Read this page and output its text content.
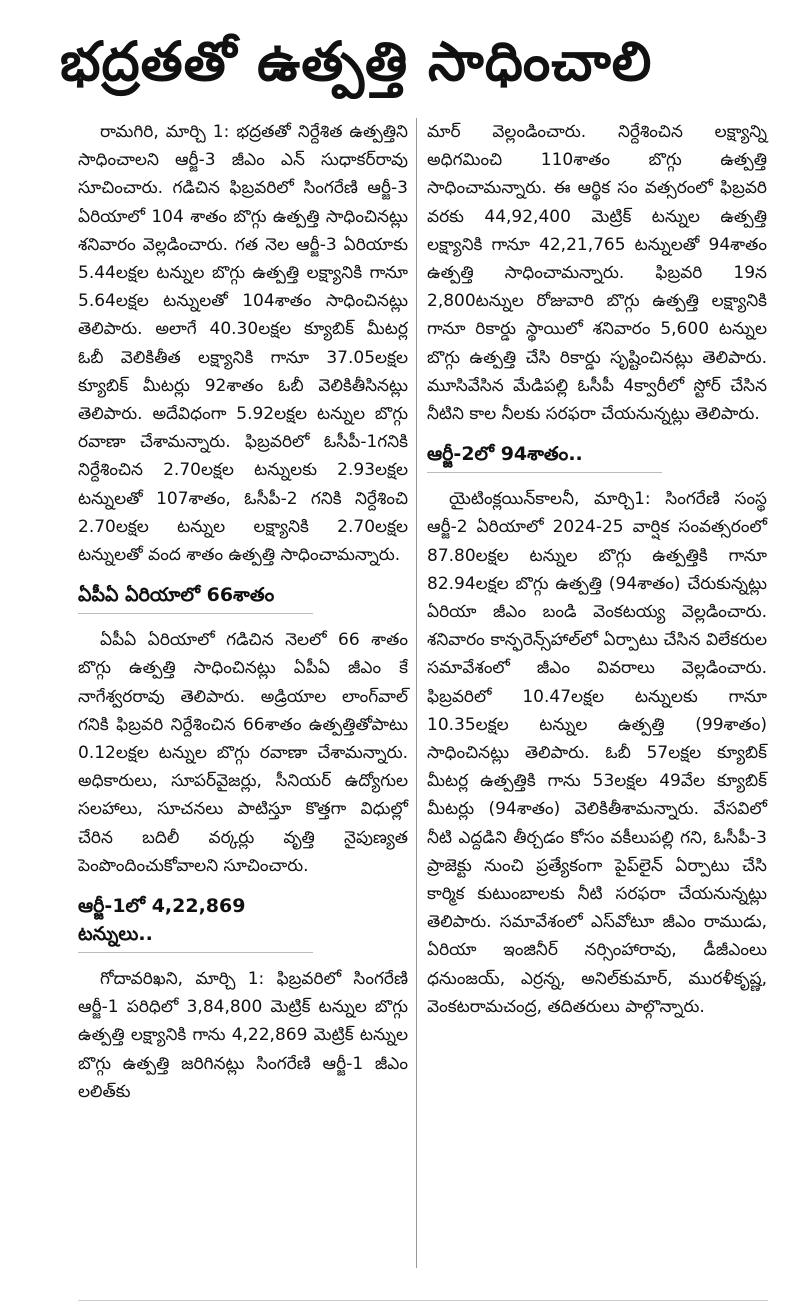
భద్రతతో ఉత్పత్తి సాధించాలి

రామగిరి, మార్చి 1: భద్రతతో నిర్దేశిత ఉత్పత్తిని సాధించాలని ఆర్జీ-3 జీఎం ఎన్ సుధాకర్‌రావు సూచించారు. గడిచిన ఫిబ్రవరిలో సింగరేణి ఆర్జీ-3 ఏరియాలో 104 శాతం బొగ్గు ఉత్పత్తి సాధించినట్లు శనివారం వెల్లడించారు. గత నెల ఆర్జీ-3 ఏరియాకు 5.44లక్షల టన్నుల బొగ్గు ఉత్పత్తి లక్ష్యానికి గానూ 5.64లక్షల టన్నులతో 104శాతం సాధించినట్లు తెలిపారు. అలాగే 40.30లక్షల క్యూబిక్ మీటర్ల ఓబీ వెలికితీత లక్ష్యానికి గానూ 37.05లక్షల క్యూబిక్ మీటర్లు 92శాతం ఓబీ వెలికితీసినట్లు తెలిపారు. అదేవిధంగా 5.92లక్షల టన్నుల బొగ్గు రవాణా చేశామన్నారు. ఫిబ్రవరిలో ఓసీపీ-1గనికి నిర్దేశించిన 2.70లక్షల టన్నులకు 2.93లక్షల టన్నులతో 107శాతం, ఓసీపీ-2 గనికి నిర్దేశించి 2.70లక్షల టన్నుల లక్ష్యానికి 2.70లక్షల టన్నులతో వంద శాతం ఉత్పత్తి సాధించామన్నారు.

ఏపీఏ ఏరియాలో 66శాతం

ఏపీఏ ఏరియాలో గడిచిన నెలలో 66 శాతం బొగ్గు ఉత్పత్తి సాధించినట్లు ఏపీఏ జీఎం కే నాగేశ్వరరావు తెలిపారు. అడ్రియాల లాంగ్‌వాల్ గనికి ఫిబ్రవరి నిర్దేశించిన 66శాతం ఉత్పత్తితోపాటు 0.12లక్షల టన్నుల బొగ్గు రవాణా చేశామన్నారు. అధికారులు, సూపర్‌వైజర్లు, సీనియర్ ఉద్యోగుల సలహాలు, సూచనలు పాటిస్తూ కొత్తగా విధుల్లో చేరిన బదిలీ వర్కర్లు వృత్తి నైపుణ్యత పెంపొందించుకోవాలని సూచించారు.

ఆర్జీ-1లో 4,22,869 టన్నులు..

గోదావరిఖని, మార్చి 1: ఫిబ్రవరిలో సింగరేణి ఆర్జీ-1 పరిధిలో 3,84,800 మెట్రిక్ టన్నుల బొగ్గు ఉత్పత్తి లక్ష్యానికి గాను 4,22,869 మెట్రిక్ టన్నుల బొగ్గు ఉత్పత్తి జరిగినట్లు సింగరేణి ఆర్జీ-1 జీఎం లలిత్‌కు

మార్ వెల్లండించారు. నిర్దేశించిన లక్ష్యాన్ని అధిగమించి 110శాతం బొగ్గు ఉత్పత్తి సాధించామన్నారు. ఈ ఆర్థిక సం వత్సరంలో ఫిబ్రవరి వరకు 44,92,400 మెట్రిక్ టన్నుల ఉత్పత్తి లక్ష్యానికి గానూ 42,21,765 టన్నులతో 94శాతం ఉత్పత్తి సాధించామన్నారు. ఫిబ్రవరి 19న 2,800టన్నుల రోజువారి బొగ్గు ఉత్పత్తి లక్ష్యానికి గానూ రికార్డు స్థాయిలో శనివారం 5,600 టన్నుల బొగ్గు ఉత్పత్తి చేసి రికార్డు సృష్టించినట్లు తెలిపారు. మూసివేసిన మేడిపల్లి ఓసీపీ 4క్వారీలో స్టోర్ చేసిన నీటిని కాల నీలకు సరఫరా చేయనున్నట్లు తెలిపారు.

ఆర్జీ-2లో 94శాతం..

యైటింక్లయిన్‌కాలనీ, మార్చి1: సింగరేణి సంస్థ ఆర్జీ-2 ఏరియాలో 2024-25 వార్షిక సంవత్సరంలో 87.80లక్షల టన్నుల బొగ్గు ఉత్పత్తికి గానూ 82.94లక్షల బొగ్గు ఉత్పత్తి (94శాతం) చేరుకున్నట్లు ఏరియా జీఎం బండి వెంకటయ్య వెల్లడించారు. శనివారం కాన్ఫరెన్స్‌హాల్‌లో ఏర్పాటు చేసిన విలేకరుల సమావేశంలో జీఎం వివరాలు వెల్లడించారు. ఫిబ్రవరిలో 10.47లక్షల టన్నులకు గానూ 10.35లక్షల టన్నుల ఉత్పత్తి (99శాతం) సాధించినట్లు తెలిపారు. ఓబీ 57లక్షల క్యూబిక్ మీటర్ల ఉత్పత్తికి గాను 53లక్షల 49వేల క్యూబిక్ మీటర్లు (94శాతం) వెలికితీశామన్నారు. వేసవిలో నీటి ఎద్దడిని తీర్చడం కోసం వకీలుపల్లి గని, ఓసీపీ-3 ప్రాజెక్టు నుంచి ప్రత్యేకంగా పైప్‌లైన్ ఏర్పాటు చేసి కార్మిక కుటుంబాలకు నీటి సరఫరా చేయనున్నట్లు తెలిపారు. సమావేశంలో ఎస్‌వోటూ జీఎం రాముడు, ఏరియా ఇంజినీర్ నర్సింహారావు, డీజీఎంలు ధనుంజయ్, ఎర్రన్న, అనిల్‌కుమార్, మురళీకృష్ణ, వెంకటరామచంద్ర, తదితరులు పాల్గొన్నారు.
